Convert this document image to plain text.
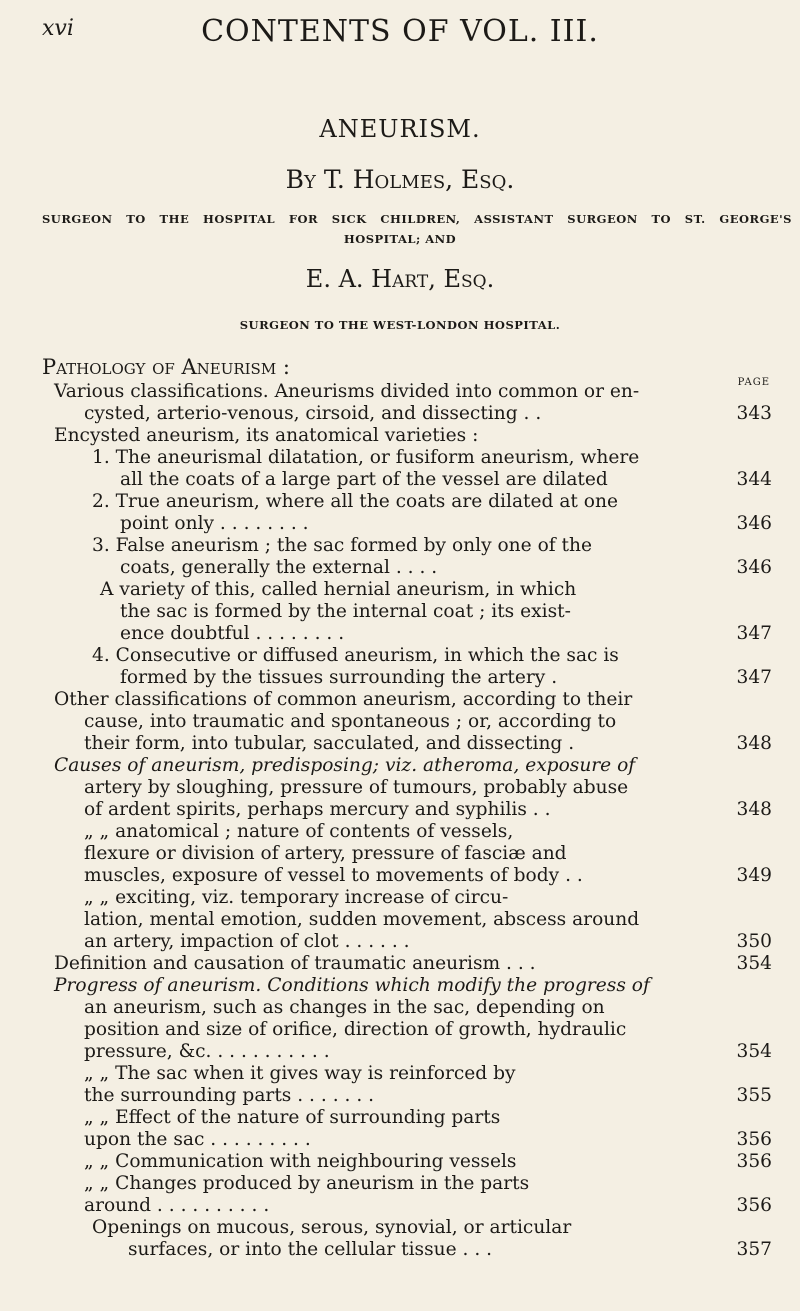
xvi	CONTENTS OF VOL. III.
ANEURISM.
By T. Holmes, Esq.
SURGEON TO THE HOSPITAL FOR SICK CHILDREN, ASSISTANT SURGEON TO ST. GEORGE'S
HOSPITAL; AND
E. A. Hart, Esq.
SURGEON TO THE WEST-LONDON HOSPITAL.
Pathology of Aneurism :
PAGE
Various classifications. Aneurisms divided into common or en-
cysted, arterio-venous, cirsoid, and dissecting . .	343
Encysted aneurism, its anatomical varieties :
1. The aneurismal dilatation, or fusiform aneurism, where
all the coats of a large part of the vessel are dilated	344
2. True aneurism, where all the coats are dilated at one
point only . . . . . . . .	346
3. False aneurism ; the sac formed by only one of the
coats, generally the external . . . .	346
A variety of this, called hernial aneurism, in which
the sac is formed by the internal coat ; its exist-
ence doubtful . . . . . . . .	347
4. Consecutive or diffused aneurism, in which the sac is
formed by the tissues surrounding the artery .	347
Other classifications of common aneurism, according to their
cause, into traumatic and spontaneous ; or, according to
their form, into tubular, sacculated, and dissecting .	348
Causes of aneurism, predisposing; viz. atheroma, exposure of
artery by sloughing, pressure of tumours, probably abuse
of ardent spirits, perhaps mercury and syphilis . .	348
„ „ anatomical ; nature of contents of vessels,
flexure or division of artery, pressure of fasciæ and
muscles, exposure of vessel to movements of body . .	349
„ „ exciting, viz. temporary increase of circu-
lation, mental emotion, sudden movement, abscess around
an artery, impaction of clot . . . . . .	350
Definition and causation of traumatic aneurism . . .	354
Progress of aneurism. Conditions which modify the progress of
an aneurism, such as changes in the sac, depending on
position and size of orifice, direction of growth, hydraulic
pressure, &c. . . . . . . . . . .	354
„ „ The sac when it gives way is reinforced by
the surrounding parts . . . . . . .	355
„ „ Effect of the nature of surrounding parts
upon the sac . . . . . . . . .	356
„ „ Communication with neighbouring vessels	356
„ „ Changes produced by aneurism in the parts
around . . . . . . . . . .	356
Openings on mucous, serous, synovial, or articular
surfaces, or into the cellular tissue . . .	357
